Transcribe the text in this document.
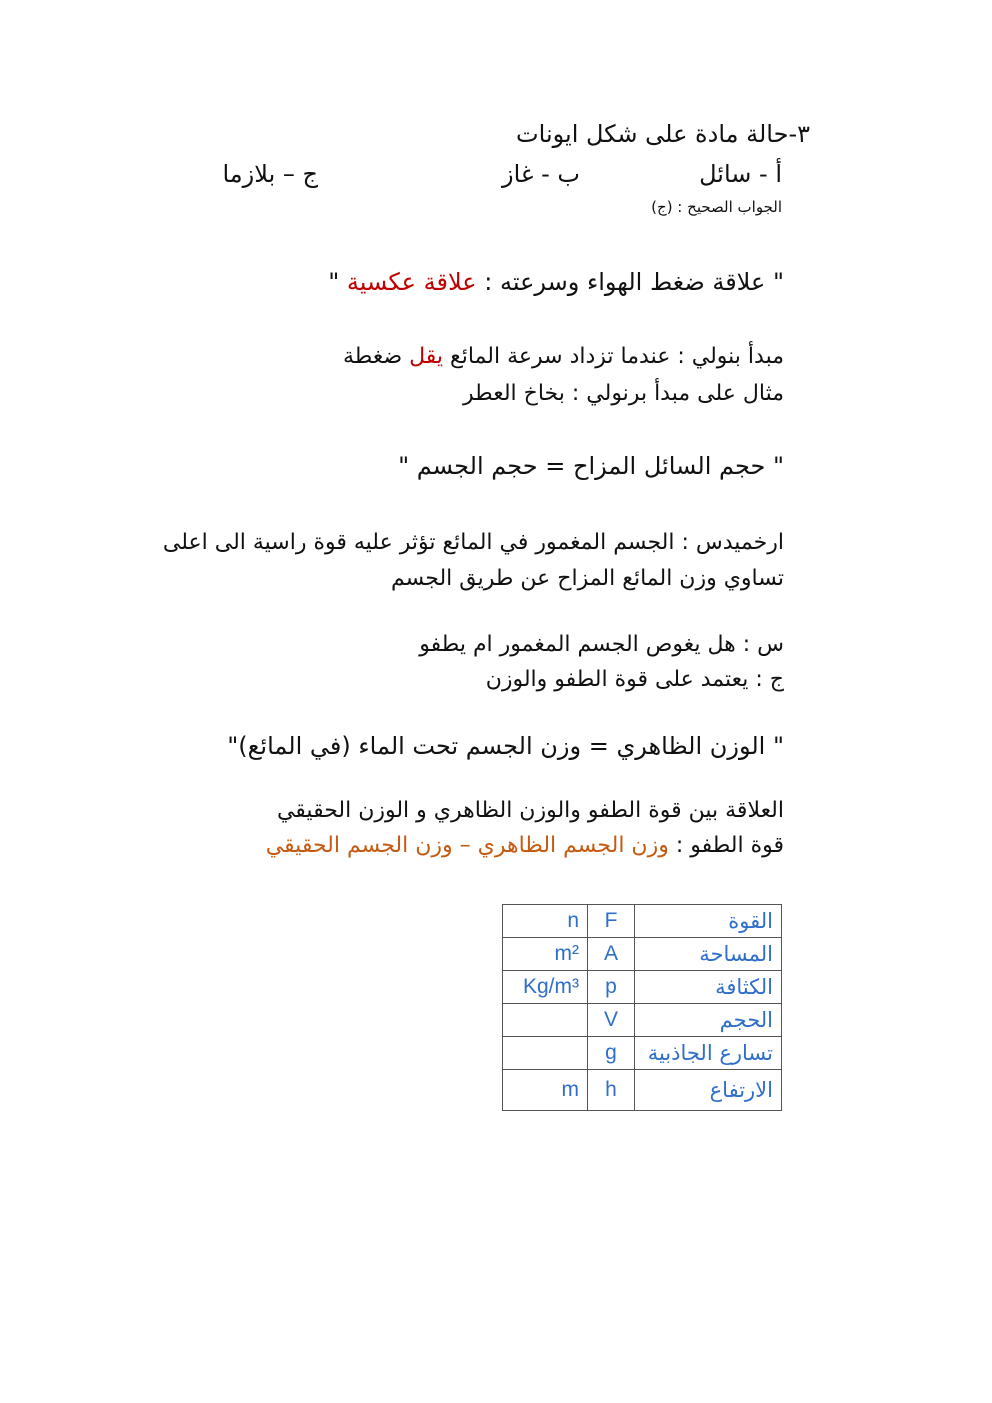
٣-حالة مادة على شكل ايونات
أ - سائل
ب - غاز
ج – بلازما
الجواب الصحيح : (ج)
" علاقة ضغط الهواء وسرعته : علاقة عكسية "
مبدأ بنولي : عندما تزداد سرعة المائع يقل ضغطة
مثال على مبدأ برنولي : بخاخ العطر
" حجم السائل المزاح = حجم الجسم "
ارخميدس : الجسم المغمور في المائع تؤثر عليه قوة راسية الى اعلى
تساوي وزن المائع المزاح عن طريق الجسم
س : هل يغوص الجسم المغمور ام يطفو
ج : يعتمد على قوة الطفو والوزن
" الوزن الظاهري = وزن الجسم تحت الماء (في المائع)"
العلاقة بين قوة الطفو والوزن الظاهري و الوزن الحقيقي
قوة الطفو : وزن الجسم الظاهري – وزن الجسم الحقيقي
القوة	F	n
المساحة	A	m²
الكثافة	p	Kg/m³
الحجم	V	
تسارع الجاذبية	g	
الارتفاع	h	m
